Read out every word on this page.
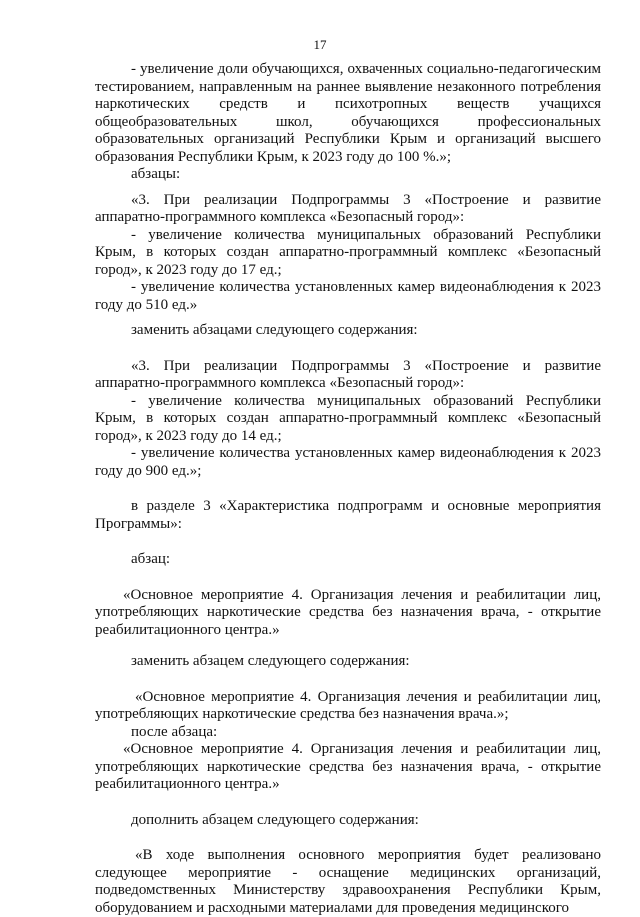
17

- увеличение доли обучающихся, охваченных социально-педагогическим тестированием, направленным на раннее выявление незаконного потребления наркотических средств и психотропных веществ учащихся общеобразовательных школ, обучающихся профессиональных образовательных организаций Республики Крым и организаций высшего образования Республики Крым, к 2023 году до 100 %.»;

абзацы:

«3. При реализации Подпрограммы 3 «Построение и развитие аппаратно-программного комплекса «Безопасный город»:

- увеличение количества муниципальных образований Республики Крым, в которых создан аппаратно-программный комплекс «Безопасный город», к 2023 году до 17 ед.;

- увеличение количества установленных камер видеонаблюдения к 2023 году до 510 ед.»

заменить абзацами следующего содержания:

«3. При реализации Подпрограммы 3 «Построение и развитие аппаратно-программного комплекса «Безопасный город»:

- увеличение количества муниципальных образований Республики Крым, в которых создан аппаратно-программный комплекс «Безопасный город», к 2023 году до 14 ед.;

- увеличение количества установленных камер видеонаблюдения к 2023 году до 900 ед.»;

в разделе 3 «Характеристика подпрограмм и основные мероприятия Программы»:

абзац:

«Основное мероприятие 4. Организация лечения и реабилитации лиц, употребляющих наркотические средства без назначения врача, - открытие реабилитационного центра.»

заменить абзацем следующего содержания:

«Основное мероприятие 4. Организация лечения и реабилитации лиц, употребляющих наркотические средства без назначения врача.»;

после абзаца:

«Основное мероприятие 4. Организация лечения и реабилитации лиц, употребляющих наркотические средства без назначения врача, - открытие реабилитационного центра.»

дополнить абзацем следующего содержания:

«В ходе выполнения основного мероприятия будет реализовано следующее мероприятие - оснащение медицинских организаций, подведомственных Министерству здравоохранения Республики Крым, оборудованием и расходными материалами для проведения медицинского
